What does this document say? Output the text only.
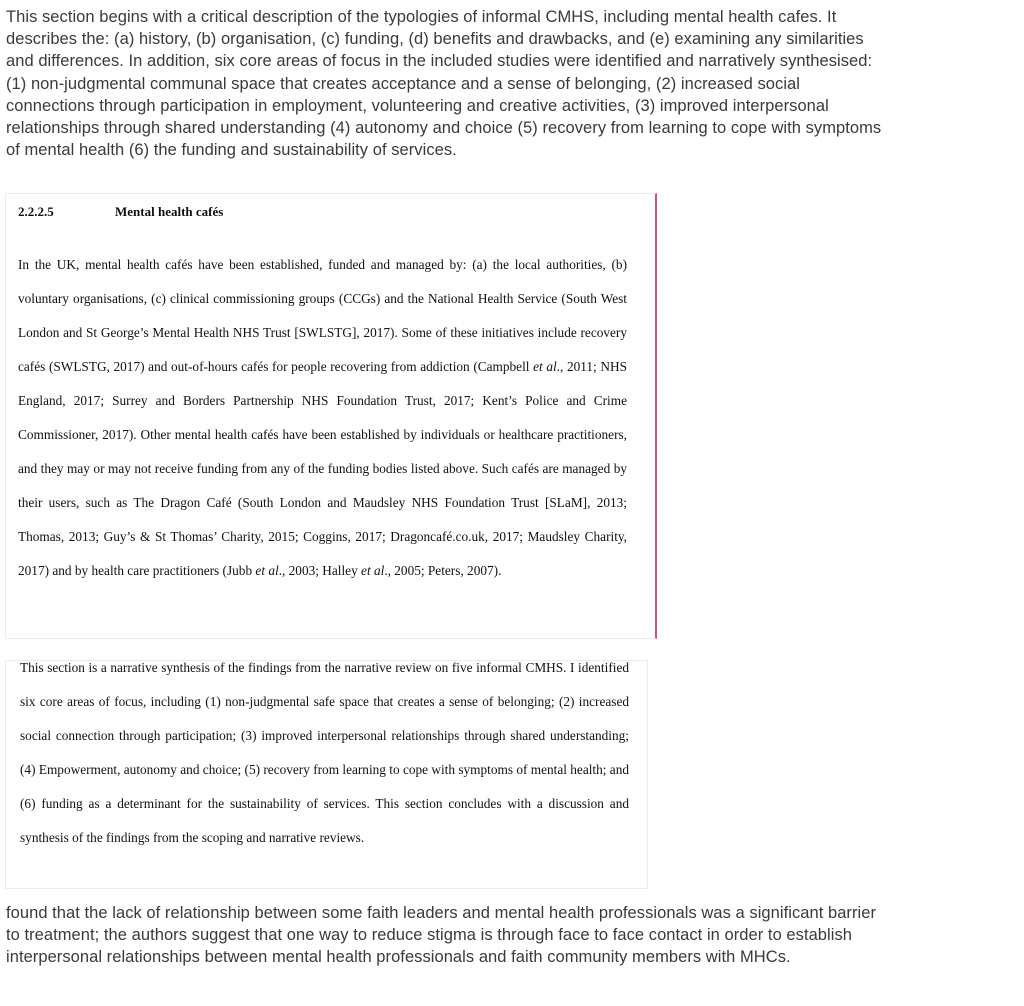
This section begins with a critical description of the typologies of informal CMHS, including mental health cafes. It describes the: (a) history, (b) organisation, (c) funding, (d) benefits and drawbacks, and (e) examining any similarities and differences. In addition, six core areas of focus in the included studies were identified and narratively synthesised: (1) non-judgmental communal space that creates acceptance and a sense of belonging, (2) increased social connections through participation in employment, volunteering and creative activities, (3) improved interpersonal relationships through shared understanding (4) autonomy and choice (5) recovery from learning to cope with symptoms of mental health (6) the funding and sustainability of services.

2.2.2.5	Mental health cafés

In the UK, mental health cafés have been established, funded and managed by: (a) the local authorities, (b) voluntary organisations, (c) clinical commissioning groups (CCGs) and the National Health Service (South West London and St George’s Mental Health NHS Trust [SWLSTG], 2017). Some of these initiatives include recovery cafés (SWLSTG, 2017) and out-of-hours cafés for people recovering from addiction (Campbell et al., 2011; NHS England, 2017; Surrey and Borders Partnership NHS Foundation Trust, 2017; Kent’s Police and Crime Commissioner, 2017). Other mental health cafés have been established by individuals or healthcare practitioners, and they may or may not receive funding from any of the funding bodies listed above. Such cafés are managed by their users, such as The Dragon Café (South London and Maudsley NHS Foundation Trust [SLaM], 2013; Thomas, 2013; Guy’s & St Thomas’ Charity, 2015; Coggins, 2017; Dragoncafé.co.uk, 2017; Maudsley Charity, 2017) and by health care practitioners (Jubb et al., 2003; Halley et al., 2005; Peters, 2007).

This section is a narrative synthesis of the findings from the narrative review on five informal CMHS. I identified six core areas of focus, including (1) non-judgmental safe space that creates a sense of belonging; (2) increased social connection through participation; (3) improved interpersonal relationships through shared understanding; (4) Empowerment, autonomy and choice; (5) recovery from learning to cope with symptoms of mental health; and (6) funding as a determinant for the sustainability of services. This section concludes with a discussion and synthesis of the findings from the scoping and narrative reviews.

found that the lack of relationship between some faith leaders and mental health professionals was a significant barrier to treatment; the authors suggest that one way to reduce stigma is through face to face contact in order to establish interpersonal relationships between mental health professionals and faith community members with MHCs.
